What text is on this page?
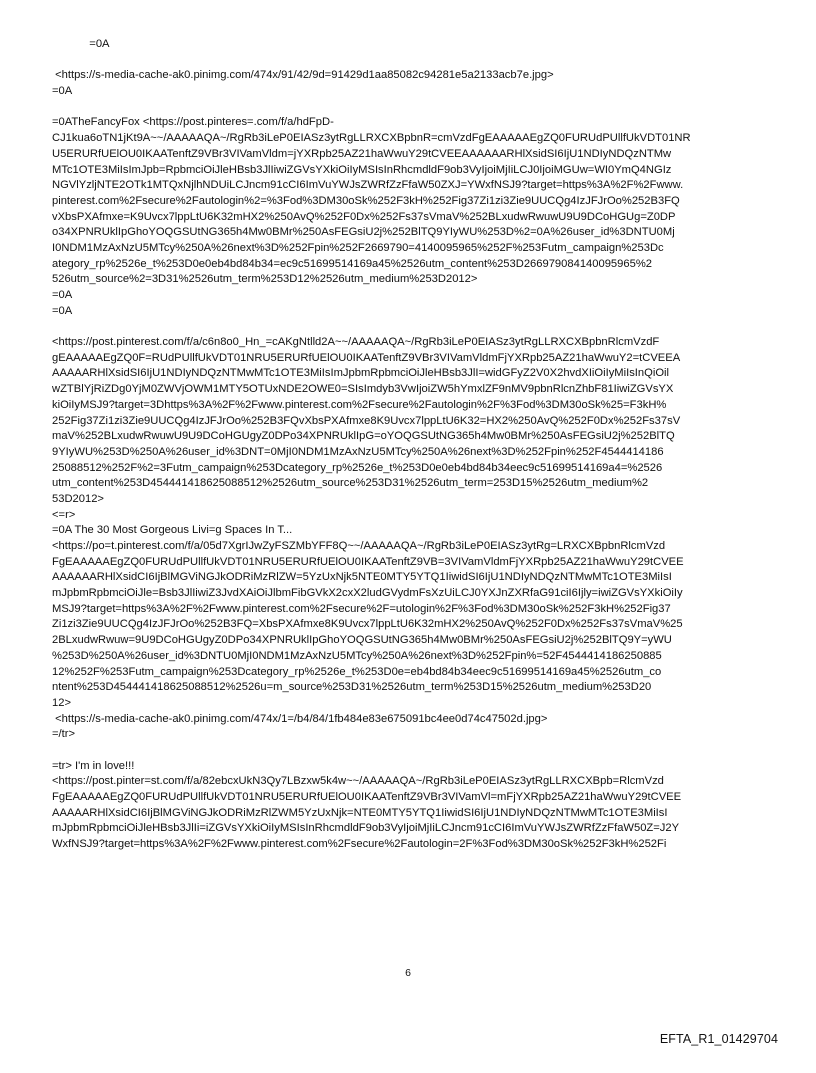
=0A
<https://s-media-cache-ak0.pinimg.com/474x/91/42/9d=91429d1aa85082c94281e5a2133acb7e.jpg>
=0A
=0ATheFancyFox <https://post.pinteres=.com/f/a/hdFpD-
CJ1kua6oTN1jKt9A~~/AAAAAQA~/RgRb3iLeP0EIASz3ytRgLLRXCXBpbnR=cmVzdFgEAAAAAEgZQ0FURUdPUllfUkVDT01NR
U5ERURfUElOU0IKAATenftZ9VBr3VIVamVldm=jYXRpb25AZ21haWwuY29tCVEEAAAAAARHlXsidSI6IjU1NDIyNDQzNTMw
MTc1OTE3MiIsImJpb=RpbmciOiJleHBsb3JlIiwiZGVsYXkiOiIyMSIsInRhcmdldF9ob3VyIjoiMjIiLCJ0IjoiMGUw=WI0YmQ4NGIz
NGVlYzljNTE2OTk1MTQxNjlhNDUiLCJncm91cCI6ImVuYWJsZWRfZzFfaW50ZXJ=YWxfNSJ9?target=https%3A%2F%2Fwww.
pinterest.com%2Fsecure%2Fautologin%2=%3Fod%3DM30oSk%252F3kH%252Fig37Zi1zi3Zie9UUCQg4IzJFJrOo%252B3FQ
vXbsPXAfmxe=K9Uvcx7lppLtU6K32mHX2%250AvQ%252F0Dx%252Fs37sVmaV%252BLxudwRwuwU9U9DCoHGUg=Z0DP
o34XPNRUklIpGhoYOQGSUtNG365h4Mw0BMr%250AsFEGsiU2j%252BlTQ9YIyWU%253D%2=0A%26user_id%3DNTU0Mj
I0NDM1MzAxNzU5MTcy%250A%26next%3D%252Fpin%252F2669790=4140095965%252F%253Futm_campaign%253Dc
ategory_rp%2526e_t%253D0e0eb4bd84b34=ec9c51699514169a45%2526utm_content%253D266979084140095965%2
526utm_source%2=3D31%2526utm_term%253D12%2526utm_medium%253D2012>
=0A
=0A
<https://post.pinterest.com/f/a/c6n8o0_Hn_=cAKgNtlld2A~~/AAAAAQA~/RgRb3iLeP0EIASz3ytRgLLRXCXBpbnRlcmVzdF
gEAAAAAEgZQ0F=RUdPUllfUkVDT01NRU5ERURfUElOU0IKAATenftZ9VBr3VIVamVldmFjYXRpb25AZ21haWwuY2=tCVEEA
AAAAARHlXsidSI6IjU1NDIyNDQzNTMwMTc1OTE3MiIsImJpbmRpbmciOiJleHBsb3JlI=widGFyZ2V0X2hvdXIiOiIyMiIsInQiOil
wZTBlYjRiZDg0YjM0ZWVjOWM1MTY5OTUxNDE2OWE0=SIsImdyb3VwIjoiZW5hYmxlZF9nMV9pbnRlcnZhbF81IiwiZGVsYX
kiOiIyMSJ9?target=3Dhttps%3A%2F%2Fwww.pinterest.com%2Fsecure%2Fautologin%2F%3Fod%3DM30oSk%25=F3kH%
252Fig37Zi1zi3Zie9UUCQg4IzJFJrOo%252B3FQvXbsPXAfmxe8K9Uvcx7lppLtU6K32=HX2%250AvQ%252F0Dx%252Fs37sV
maV%252BLxudwRwuwU9U9DCoHGUgyZ0DPo34XPNRUklIpG=oYOQGSUtNG365h4Mw0BMr%250AsFEGsiU2j%252BlTQ
9YIyWU%253D%250A%26user_id%3DNT=0MjI0NDM1MzAxNzU5MTcy%250A%26next%3D%252Fpin%252F4544414186
25088512%252F%2=3Futm_campaign%253Dcategory_rp%2526e_t%253D0e0eb4bd84b34eec9c51699514169a4=%2526
utm_content%253D454441418625088512%2526utm_source%253D31%2526utm_term=253D15%2526utm_medium%2
53D2012>
<=r>
=0A The 30 Most Gorgeous Livi=g Spaces In T...
<https://po=t.pinterest.com/f/a/05d7XgrIJwZyFSZMbYFF8Q~~/AAAAAQA~/RgRb3iLeP0EIASz3ytRg=LRXCXBpbnRlcmVzd
FgEAAAAAEgZQ0FURUdPUllfUkVDT01NRU5ERURfUElOU0IKAATenftZ9VB=3VIVamVldmFjYXRpb25AZ21haWwuY29tCVEE
AAAAAARHlXsidCI6IjBlMGViNGJkODRiMzRlZW=5YzUxNjk5NTE0MTY5YTQ1IiwidSI6IjU1NDIyNDQzNTMwMTc1OTE3MiIsI
mJpbmRpbmciOiJle=Bsb3JlIiwiZ3JvdXAiOiJlbmFibGVkX2cxX2ludGVydmFsXzUiLCJ0YXJnZXRfaG91ciI6Ijly=iwiZGVsYXkiOiIy
MSJ9?target=https%3A%2F%2Fwww.pinterest.com%2Fsecure%2F=utologin%2F%3Fod%3DM30oSk%252F3kH%252Fig37
Zi1zi3Zie9UUCQg4IzJFJrOo%252B3FQ=XbsPXAfmxe8K9Uvcx7lppLtU6K32mHX2%250AvQ%252F0Dx%252Fs37sVmaV%25
2BLxudwRwuw=9U9DCoHGUgyZ0DPo34XPNRUklIpGhoYOQGSUtNG365h4Mw0BMr%250AsFEGsiU2j%252BlTQ9Y=yWU
%253D%250A%26user_id%3DNTU0MjI0NDM1MzAxNzU5MTcy%250A%26next%3D%252Fpin%=52F4544414186250885
12%252F%253Futm_campaign%253Dcategory_rp%2526e_t%253D0e=eb4bd84b34eec9c51699514169a45%2526utm_co
ntent%253D454441418625088512%2526u=m_source%253D31%2526utm_term%253D15%2526utm_medium%253D20
12>
<https://s-media-cache-ak0.pinimg.com/474x/1=/b4/84/1fb484e83e675091bc4ee0d74c47502d.jpg>
=/tr>
=tr> I'm in love!!!
<https://post.pinter=st.com/f/a/82ebcxUkN3Qy7LBzxw5k4w~~/AAAAAQA~/RgRb3iLeP0EIASz3ytRgLLRXCXBpb=RlcmVzd
FgEAAAAAEgZQ0FURUdPUllfUkVDT01NRU5ERURfUElOU0IKAATenftZ9VBr3VIVamVl=mFjYXRpb25AZ21haWwuY29tCVEE
AAAAARHlXsidCI6IjBlMGViNGJkODRiMzRlZWM5YzUxNjk=NTE0MTY5YTQ1IiwidSI6IjU1NDIyNDQzNTMwMTc1OTE3MiIsI
mJpbmRpbmciOiJleHBsb3JlIi=iZGVsYXkiOiIyMSIsInRhcmdldF9ob3VyIjoiMjIiLCJncm91cCI6ImVuYWJsZWRfZzFfaW50Z=J2Y
WxfNSJ9?target=https%3A%2F%2Fwww.pinterest.com%2Fsecure%2Fautologin=2F%3Fod%3DM30oSk%252F3kH%252Fi
6
EFTA_R1_01429704
